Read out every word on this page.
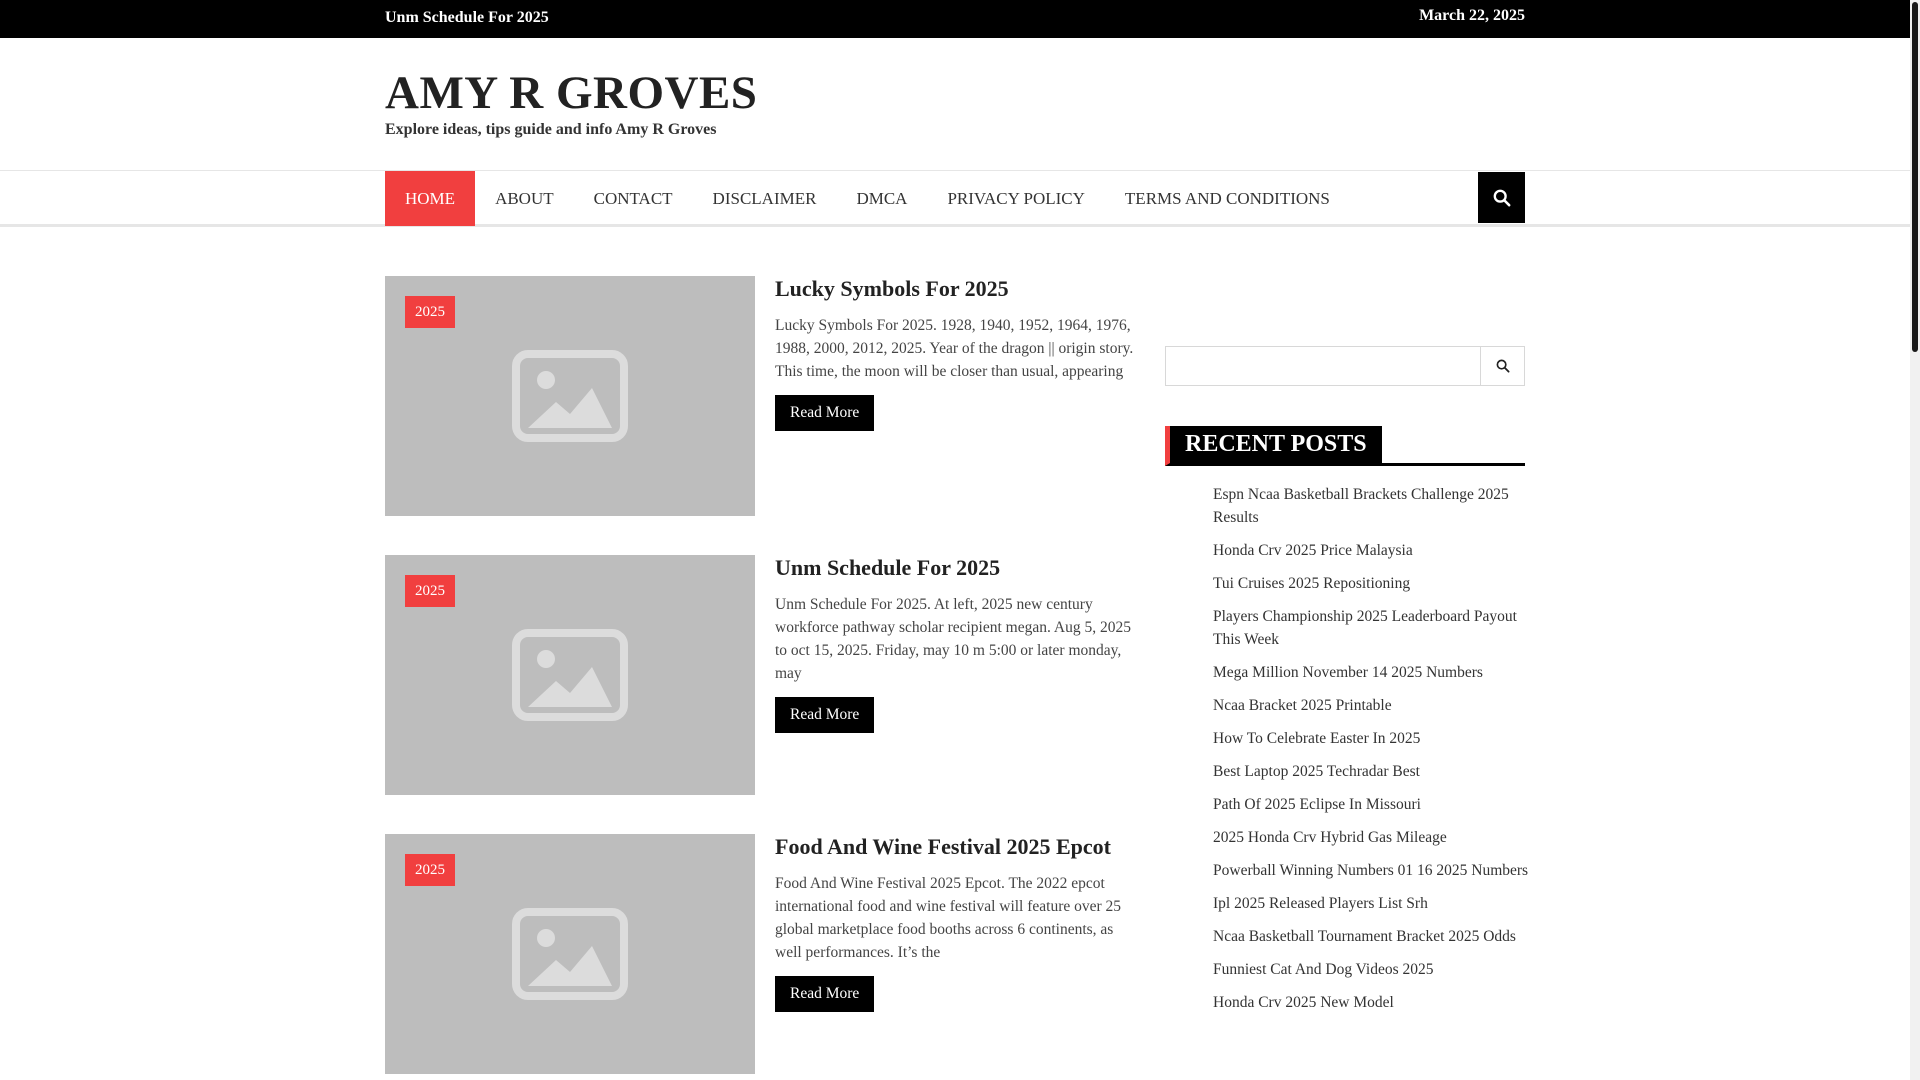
Unm Schedule For 2025	March 22, 2025
AMY R GROVES
Explore ideas, tips guide and info Amy R Groves
HOME	ABOUT	CONTACT	DISCLAIMER	DMCA	PRIVACY POLICY	TERMS AND CONDITIONS
2025
Lucky Symbols For 2025

Lucky Symbols For 2025. 1928, 1940, 1952, 1964, 1976, 1988, 2000, 2012, 2025. Year of the dragon || origin story. This time, the moon will be closer than usual, appearing

Read More
2025
Unm Schedule For 2025

Unm Schedule For 2025. At left, 2025 new century workforce pathway scholar recipient megan. Aug 5, 2025 to oct 15, 2025. Friday, may 10 m 5:00 or later monday, may

Read More
2025
Food And Wine Festival 2025 Epcot

Food And Wine Festival 2025 Epcot. The 2022 epcot international food and wine festival will feature over 25 global marketplace food booths across 6 continents, as well performances. It’s the

Read More
RECENT POSTS
Espn Ncaa Basketball Brackets Challenge 2025 Results
Honda Crv 2025 Price Malaysia
Tui Cruises 2025 Repositioning
Players Championship 2025 Leaderboard Payout This Week
Mega Million November 14 2025 Numbers
Ncaa Bracket 2025 Printable
How To Celebrate Easter In 2025
Best Laptop 2025 Techradar Best
Path Of 2025 Eclipse In Missouri
2025 Honda Crv Hybrid Gas Mileage
Powerball Winning Numbers 01 16 2025 Numbers
Ipl 2025 Released Players List Srh
Ncaa Basketball Tournament Bracket 2025 Odds
Funniest Cat And Dog Videos 2025
Honda Crv 2025 New Model
